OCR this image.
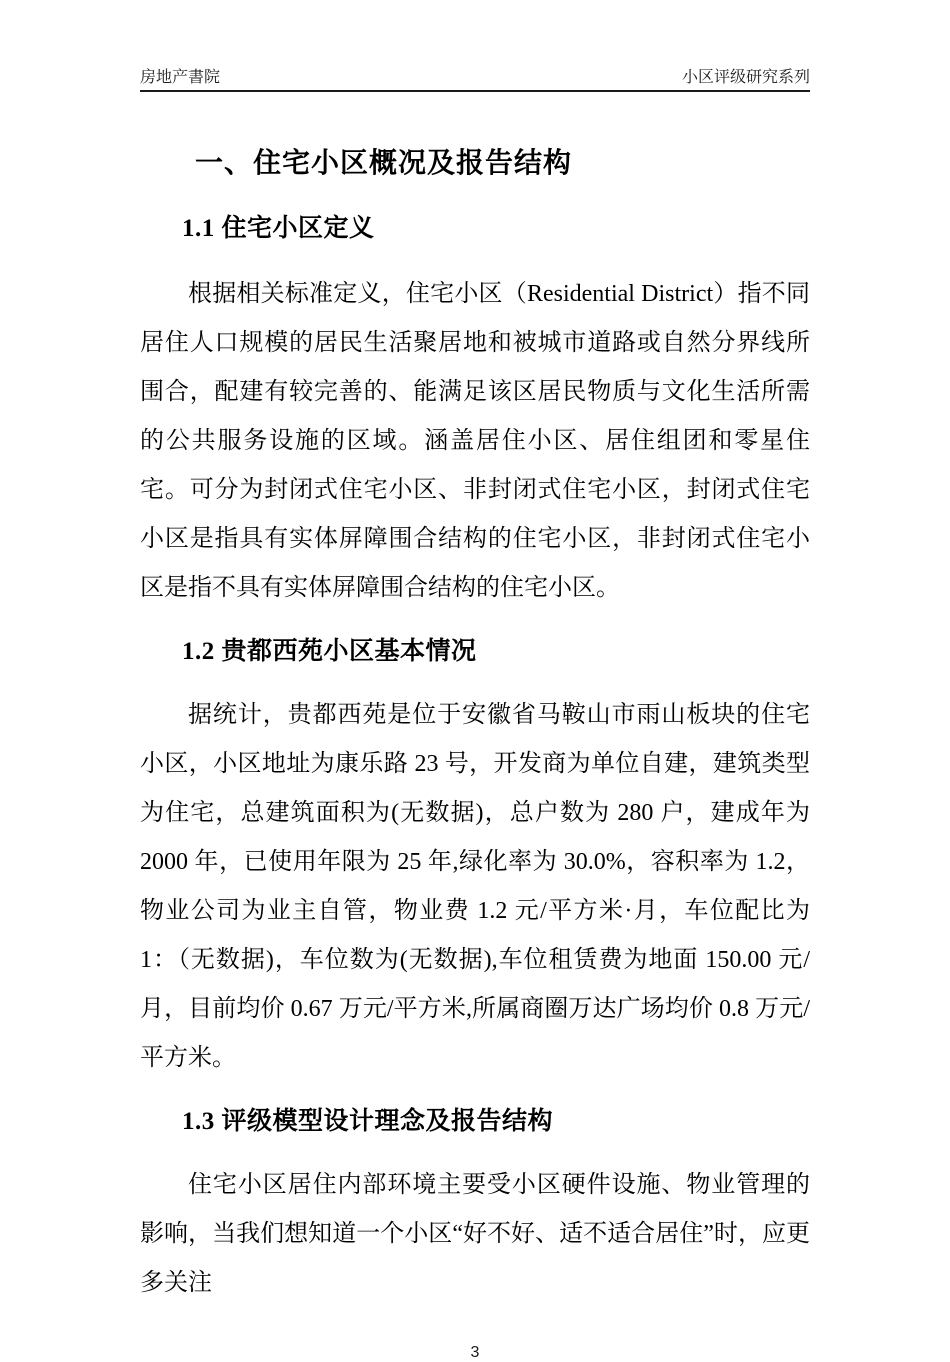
房地产書院	小区评级研究系列
一、住宅小区概况及报告结构
1.1 住宅小区定义

根据相关标准定义，住宅小区（Residential District）指不同居住人口规模的居民生活聚居地和被城市道路或自然分界线所围合，配建有较完善的、能满足该区居民物质与文化生活所需的公共服务设施的区域。涵盖居住小区、居住组团和零星住宅。可分为封闭式住宅小区、非封闭式住宅小区，封闭式住宅小区是指具有实体屏障围合结构的住宅小区，非封闭式住宅小区是指不具有实体屏障围合结构的住宅小区。

1.2 贵都西苑小区基本情况

据统计，贵都西苑是位于安徽省马鞍山市雨山板块的住宅小区，小区地址为康乐路 23 号，开发商为单位自建，建筑类型为住宅，总建筑面积为(无数据)，总户数为 280 户，建成年为 2000 年，已使用年限为 25 年,绿化率为 30.0%，容积率为 1.2，物业公司为业主自管，物业费 1.2 元/平方米·月，车位配比为 1：（无数据)，车位数为(无数据),车位租赁费为地面 150.00 元/月，目前均价 0.67 万元/平方米,所属商圈万达广场均价 0.8 万元/平方米。

1.3 评级模型设计理念及报告结构

住宅小区居住内部环境主要受小区硬件设施、物业管理的影响，当我们想知道一个小区“好不好、适不适合居住”时，应更多关注

3
